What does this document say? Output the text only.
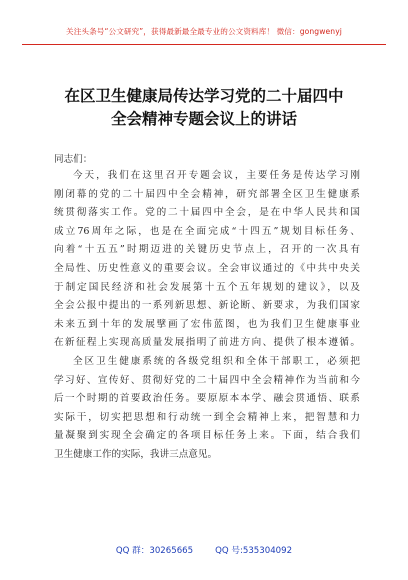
关注头条号“公文研究”，获得最新最全最专业的公文资料库！ 微信：gongwenyj
在区卫生健康局传达学习党的二十届四中
全会精神专题会议上的讲话
同志们：
今天，我们在这里召开专题会议，主要任务是传达学习刚
刚闭幕的党的二十届四中全会精神，研究部署全区卫生健康系
统贯彻落实工作。党的二十届四中全会，是在中华人民共和国
成立76周年之际，也是在全面完成“十四五”规划目标任务、
向着“十五五”时期迈进的关键历史节点上，召开的一次具有
全局性、历史性意义的重要会议。全会审议通过的《中共中央关
于制定国民经济和社会发展第十五个五年规划的建议》，以及
全会公报中提出的一系列新思想、新论断、新要求，为我们国家
未来五到十年的发展擘画了宏伟蓝图，也为我们卫生健康事业
在新征程上实现高质量发展指明了前进方向、提供了根本遵循。
全区卫生健康系统的各级党组织和全体干部职工，必须把
学习好、宣传好、贯彻好党的二十届四中全会精神作为当前和今
后一个时期的首要政治任务。要原原本本学、融会贯通悟、联系
实际干，切实把思想和行动统一到全会精神上来，把智慧和力
量凝聚到实现全会确定的各项目标任务上来。下面，结合我们
卫生健康工作的实际，我讲三点意见。
QQ 群：30265665	QQ 号:535304092
